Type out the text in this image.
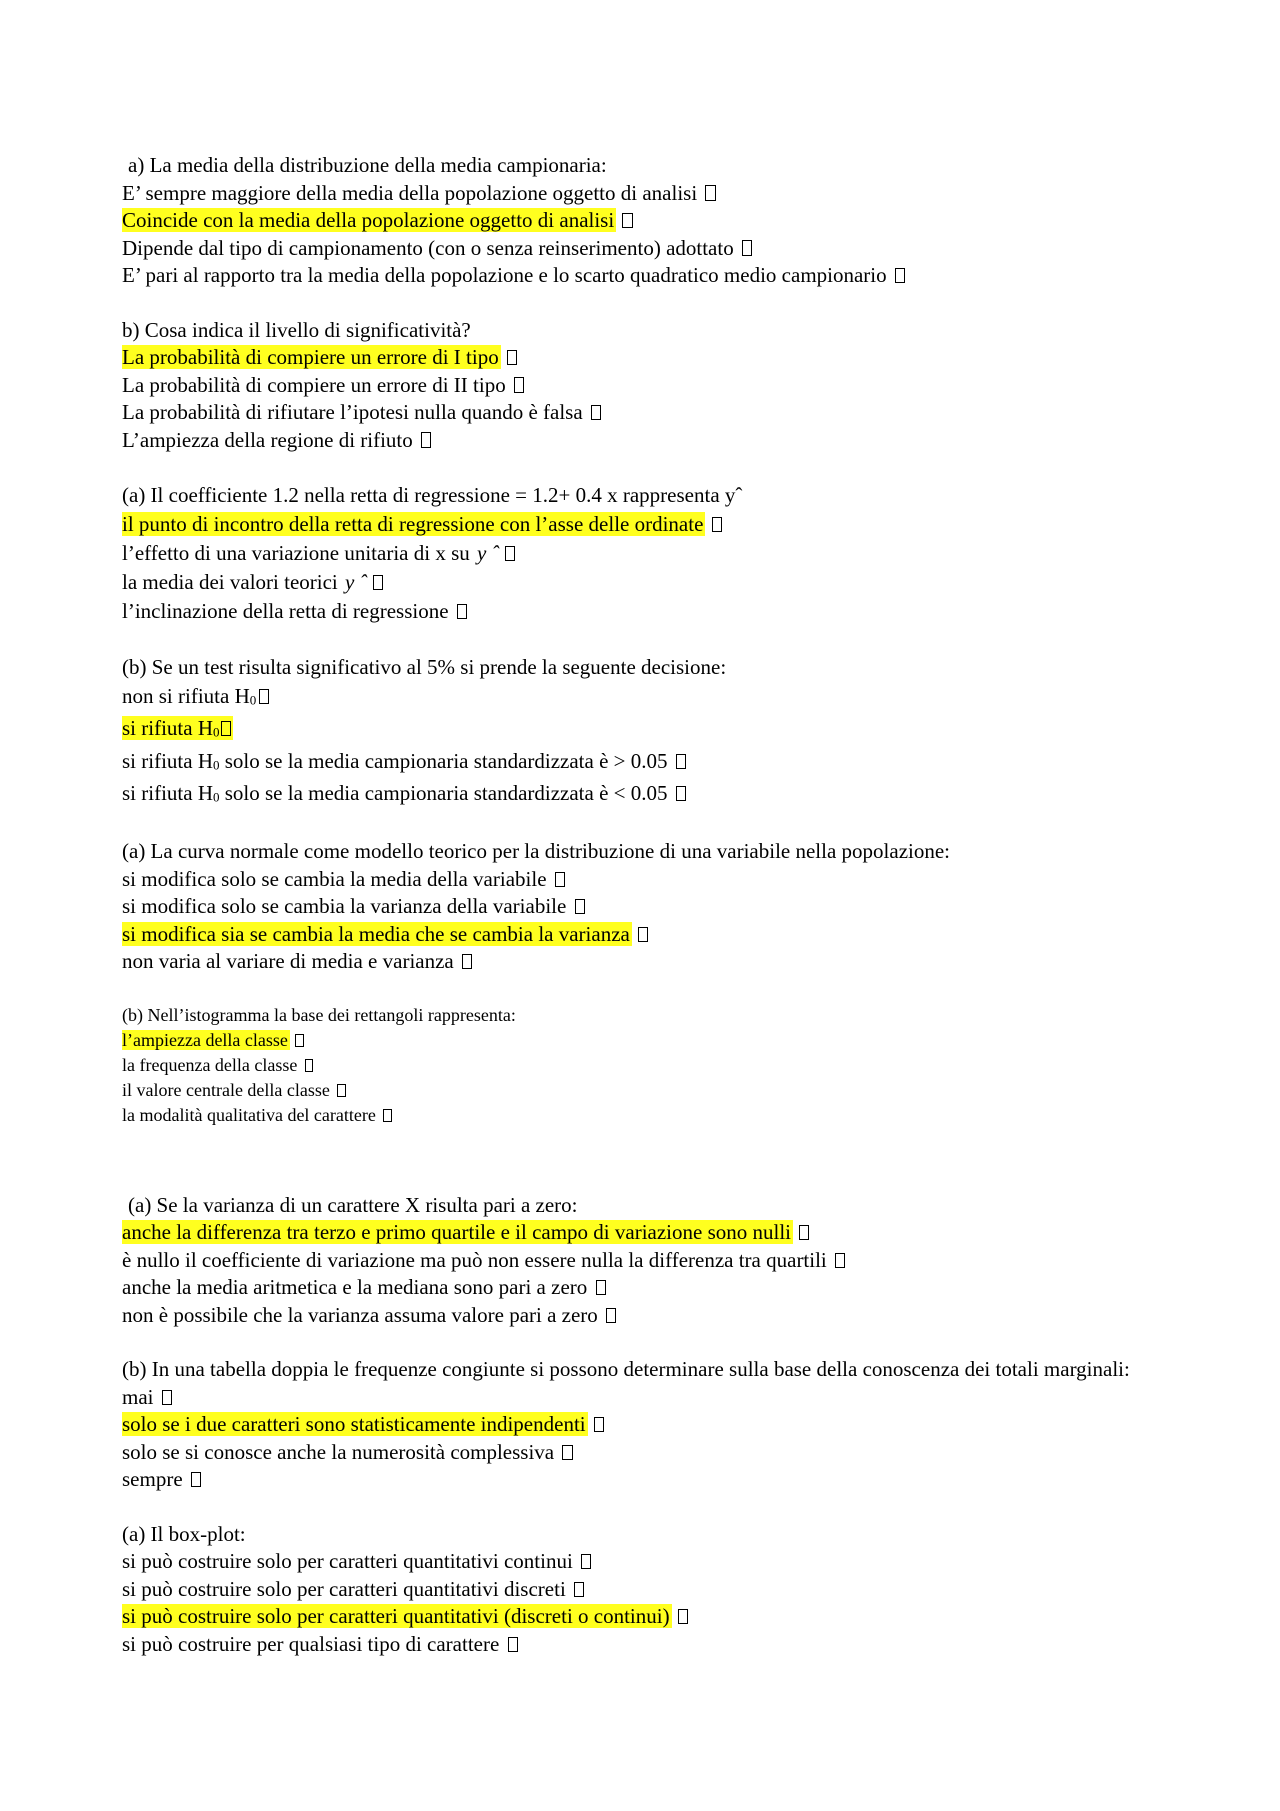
a) La media della distribuzione della media campionaria:
E’ sempre maggiore della media della popolazione oggetto di analisi
Coincide con la media della popolazione oggetto di analisi
Dipende dal tipo di campionamento (con o senza reinserimento) adottato
E’ pari al rapporto tra la media della popolazione e lo scarto quadratico medio campionario
b) Cosa indica il livello di significatività?
La probabilità di compiere un errore di I tipo
La probabilità di compiere un errore di II tipo
La probabilità di rifiutare l’ipotesi nulla quando è falsa
L’ampiezza della regione di rifiuto
(a) Il coefficiente 1.2 nella retta di regressione = 1.2+ 0.4 x rappresenta yˆ
il punto di incontro della retta di regressione con l’asse delle ordinate
l’effetto di una variazione unitaria di x su y ˆ
la media dei valori teorici y ˆ
l’inclinazione della retta di regressione
(b) Se un test risulta significativo al 5% si prende la seguente decisione:
non si rifiuta H0
si rifiuta H0
si rifiuta H0 solo se la media campionaria standardizzata è > 0.05
si rifiuta H0 solo se la media campionaria standardizzata è < 0.05
(a) La curva normale come modello teorico per la distribuzione di una variabile nella popolazione:
si modifica solo se cambia la media della variabile
si modifica solo se cambia la varianza della variabile
si modifica sia se cambia la media che se cambia la varianza
non varia al variare di media e varianza
(b) Nell’istogramma la base dei rettangoli rappresenta:
l’ampiezza della classe
la frequenza della classe
il valore centrale della classe
la modalità qualitativa del carattere
(a) Se la varianza di un carattere X risulta pari a zero:
anche la differenza tra terzo e primo quartile e il campo di variazione sono nulli
è nullo il coefficiente di variazione ma può non essere nulla la differenza tra quartili
anche la media aritmetica e la mediana sono pari a zero
non è possibile che la varianza assuma valore pari a zero
(b) In una tabella doppia le frequenze congiunte si possono determinare sulla base della conoscenza dei totali marginali:
mai
solo se i due caratteri sono statisticamente indipendenti
solo se si conosce anche la numerosità complessiva
sempre
(a) Il box-plot:
si può costruire solo per caratteri quantitativi continui
si può costruire solo per caratteri quantitativi discreti
si può costruire solo per caratteri quantitativi (discreti o continui)
si può costruire per qualsiasi tipo di carattere
